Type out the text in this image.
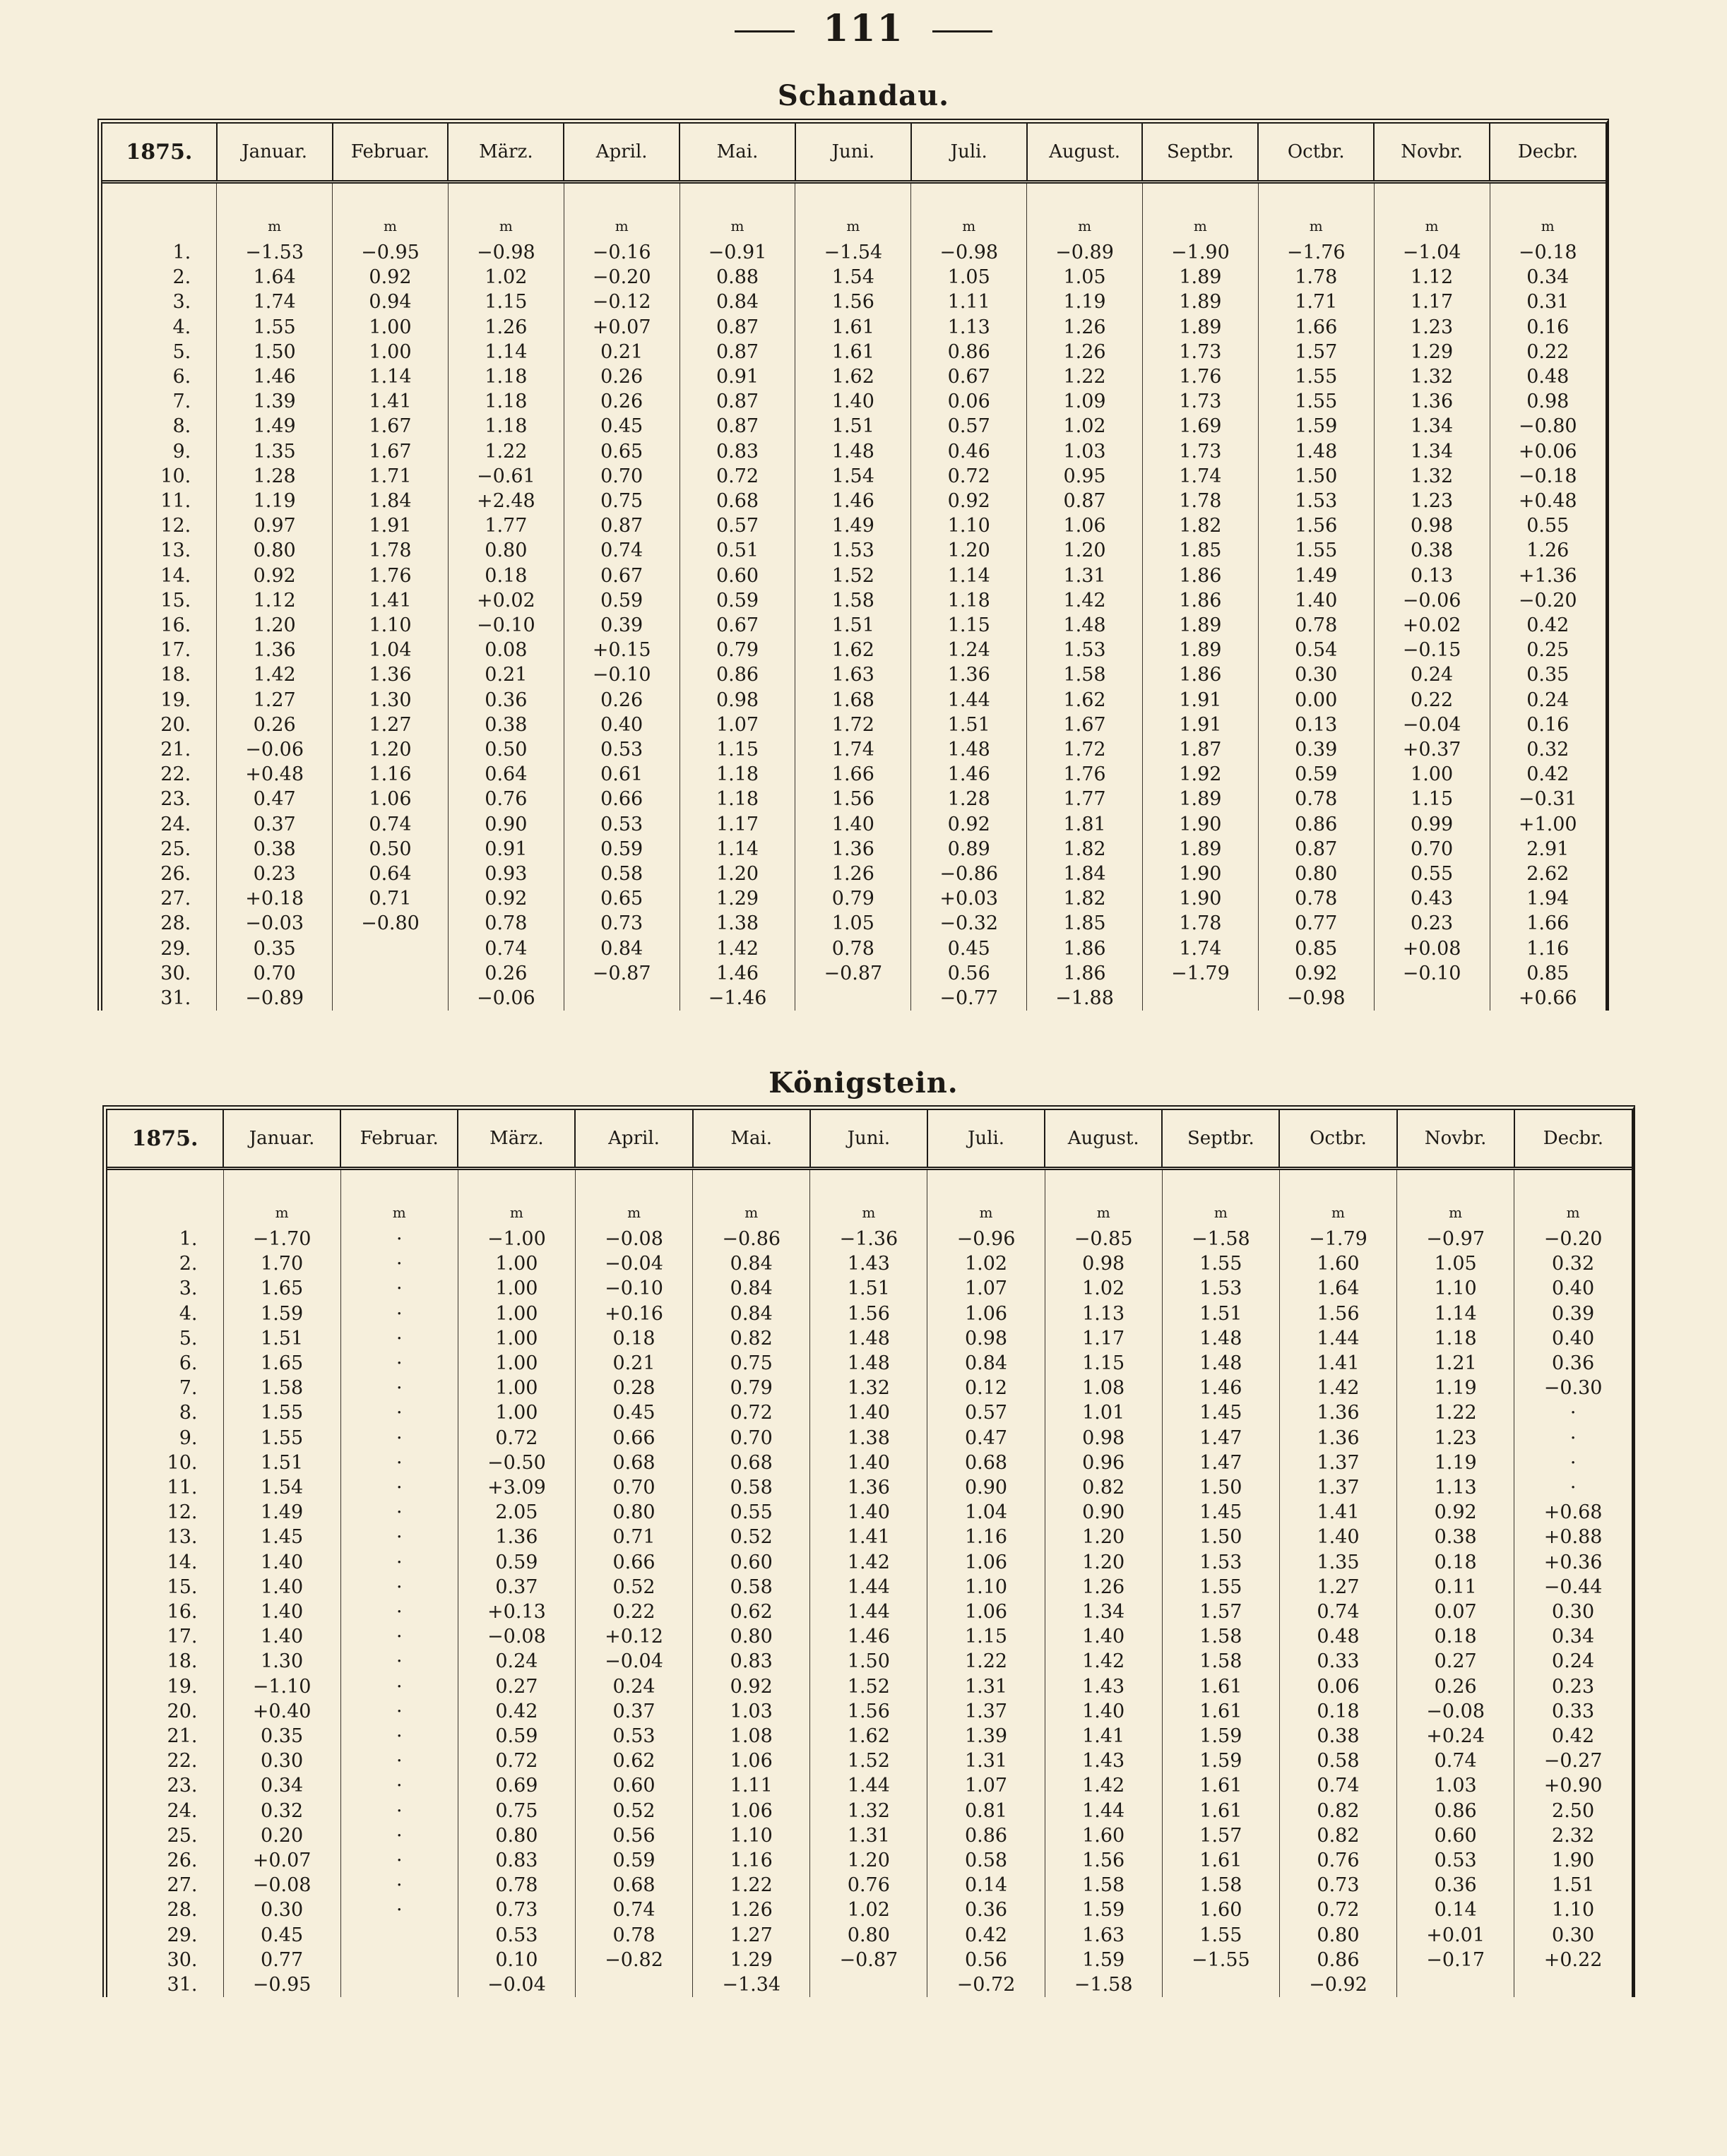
111
Schandau.
1875.	Januar.	Februar.	März.	April.	Mai.	Juni.	Juli.	August.	Septbr.	Octbr.	Novbr.	Decbr.

	m	m	m	m	m	m	m	m	m	m	m	m
1.	−1.53	−0.95	−0.98	−0.16	−0.91	−1.54	−0.98	−0.89	−1.90	−1.76	−1.04	−0.18
2.	1.64	0.92	1.02	−0.20	0.88	1.54	1.05	1.05	1.89	1.78	1.12	0.34
3.	1.74	0.94	1.15	−0.12	0.84	1.56	1.11	1.19	1.89	1.71	1.17	0.31
4.	1.55	1.00	1.26	+0.07	0.87	1.61	1.13	1.26	1.89	1.66	1.23	0.16
5.	1.50	1.00	1.14	0.21	0.87	1.61	0.86	1.26	1.73	1.57	1.29	0.22
6.	1.46	1.14	1.18	0.26	0.91	1.62	0.67	1.22	1.76	1.55	1.32	0.48
7.	1.39	1.41	1.18	0.26	0.87	1.40	0.06	1.09	1.73	1.55	1.36	0.98
8.	1.49	1.67	1.18	0.45	0.87	1.51	0.57	1.02	1.69	1.59	1.34	−0.80
9.	1.35	1.67	1.22	0.65	0.83	1.48	0.46	1.03	1.73	1.48	1.34	+0.06
10.	1.28	1.71	−0.61	0.70	0.72	1.54	0.72	0.95	1.74	1.50	1.32	−0.18
11.	1.19	1.84	+2.48	0.75	0.68	1.46	0.92	0.87	1.78	1.53	1.23	+0.48
12.	0.97	1.91	1.77	0.87	0.57	1.49	1.10	1.06	1.82	1.56	0.98	0.55
13.	0.80	1.78	0.80	0.74	0.51	1.53	1.20	1.20	1.85	1.55	0.38	1.26
14.	0.92	1.76	0.18	0.67	0.60	1.52	1.14	1.31	1.86	1.49	0.13	+1.36
15.	1.12	1.41	+0.02	0.59	0.59	1.58	1.18	1.42	1.86	1.40	−0.06	−0.20
16.	1.20	1.10	−0.10	0.39	0.67	1.51	1.15	1.48	1.89	0.78	+0.02	0.42
17.	1.36	1.04	0.08	+0.15	0.79	1.62	1.24	1.53	1.89	0.54	−0.15	0.25
18.	1.42	1.36	0.21	−0.10	0.86	1.63	1.36	1.58	1.86	0.30	0.24	0.35
19.	1.27	1.30	0.36	0.26	0.98	1.68	1.44	1.62	1.91	0.00	0.22	0.24
20.	0.26	1.27	0.38	0.40	1.07	1.72	1.51	1.67	1.91	0.13	−0.04	0.16
21.	−0.06	1.20	0.50	0.53	1.15	1.74	1.48	1.72	1.87	0.39	+0.37	0.32
22.	+0.48	1.16	0.64	0.61	1.18	1.66	1.46	1.76	1.92	0.59	1.00	0.42
23.	0.47	1.06	0.76	0.66	1.18	1.56	1.28	1.77	1.89	0.78	1.15	−0.31
24.	0.37	0.74	0.90	0.53	1.17	1.40	0.92	1.81	1.90	0.86	0.99	+1.00
25.	0.38	0.50	0.91	0.59	1.14	1.36	0.89	1.82	1.89	0.87	0.70	2.91
26.	0.23	0.64	0.93	0.58	1.20	1.26	−0.86	1.84	1.90	0.80	0.55	2.62
27.	+0.18	0.71	0.92	0.65	1.29	0.79	+0.03	1.82	1.90	0.78	0.43	1.94
28.	−0.03	−0.80	0.78	0.73	1.38	1.05	−0.32	1.85	1.78	0.77	0.23	1.66
29.	0.35		0.74	0.84	1.42	0.78	0.45	1.86	1.74	0.85	+0.08	1.16
30.	0.70		0.26	−0.87	1.46	−0.87	0.56	1.86	−1.79	0.92	−0.10	0.85
31.	−0.89		−0.06		−1.46		−0.77	−1.88		−0.98		+0.66
Königstein.
1875.	Januar.	Februar.	März.	April.	Mai.	Juni.	Juli.	August.	Septbr.	Octbr.	Novbr.	Decbr.

	m	m	m	m	m	m	m	m	m	m	m	m
1.	−1.70	·	−1.00	−0.08	−0.86	−1.36	−0.96	−0.85	−1.58	−1.79	−0.97	−0.20
2.	1.70	·	1.00	−0.04	0.84	1.43	1.02	0.98	1.55	1.60	1.05	0.32
3.	1.65	·	1.00	−0.10	0.84	1.51	1.07	1.02	1.53	1.64	1.10	0.40
4.	1.59	·	1.00	+0.16	0.84	1.56	1.06	1.13	1.51	1.56	1.14	0.39
5.	1.51	·	1.00	0.18	0.82	1.48	0.98	1.17	1.48	1.44	1.18	0.40
6.	1.65	·	1.00	0.21	0.75	1.48	0.84	1.15	1.48	1.41	1.21	0.36
7.	1.58	·	1.00	0.28	0.79	1.32	0.12	1.08	1.46	1.42	1.19	−0.30
8.	1.55	·	1.00	0.45	0.72	1.40	0.57	1.01	1.45	1.36	1.22	·
9.	1.55	·	0.72	0.66	0.70	1.38	0.47	0.98	1.47	1.36	1.23	·
10.	1.51	·	−0.50	0.68	0.68	1.40	0.68	0.96	1.47	1.37	1.19	·
11.	1.54	·	+3.09	0.70	0.58	1.36	0.90	0.82	1.50	1.37	1.13	·
12.	1.49	·	2.05	0.80	0.55	1.40	1.04	0.90	1.45	1.41	0.92	+0.68
13.	1.45	·	1.36	0.71	0.52	1.41	1.16	1.20	1.50	1.40	0.38	+0.88
14.	1.40	·	0.59	0.66	0.60	1.42	1.06	1.20	1.53	1.35	0.18	+0.36
15.	1.40	·	0.37	0.52	0.58	1.44	1.10	1.26	1.55	1.27	0.11	−0.44
16.	1.40	·	+0.13	0.22	0.62	1.44	1.06	1.34	1.57	0.74	0.07	0.30
17.	1.40	·	−0.08	+0.12	0.80	1.46	1.15	1.40	1.58	0.48	0.18	0.34
18.	1.30	·	0.24	−0.04	0.83	1.50	1.22	1.42	1.58	0.33	0.27	0.24
19.	−1.10	·	0.27	0.24	0.92	1.52	1.31	1.43	1.61	0.06	0.26	0.23
20.	+0.40	·	0.42	0.37	1.03	1.56	1.37	1.40	1.61	0.18	−0.08	0.33
21.	0.35	·	0.59	0.53	1.08	1.62	1.39	1.41	1.59	0.38	+0.24	0.42
22.	0.30	·	0.72	0.62	1.06	1.52	1.31	1.43	1.59	0.58	0.74	−0.27
23.	0.34	·	0.69	0.60	1.11	1.44	1.07	1.42	1.61	0.74	1.03	+0.90
24.	0.32	·	0.75	0.52	1.06	1.32	0.81	1.44	1.61	0.82	0.86	2.50
25.	0.20	·	0.80	0.56	1.10	1.31	0.86	1.60	1.57	0.82	0.60	2.32
26.	+0.07	·	0.83	0.59	1.16	1.20	0.58	1.56	1.61	0.76	0.53	1.90
27.	−0.08	·	0.78	0.68	1.22	0.76	0.14	1.58	1.58	0.73	0.36	1.51
28.	0.30	·	0.73	0.74	1.26	1.02	0.36	1.59	1.60	0.72	0.14	1.10
29.	0.45		0.53	0.78	1.27	0.80	0.42	1.63	1.55	0.80	+0.01	0.30
30.	0.77		0.10	−0.82	1.29	−0.87	0.56	1.59	−1.55	0.86	−0.17	+0.22
31.	−0.95		−0.04		−1.34		−0.72	−1.58		−0.92		
